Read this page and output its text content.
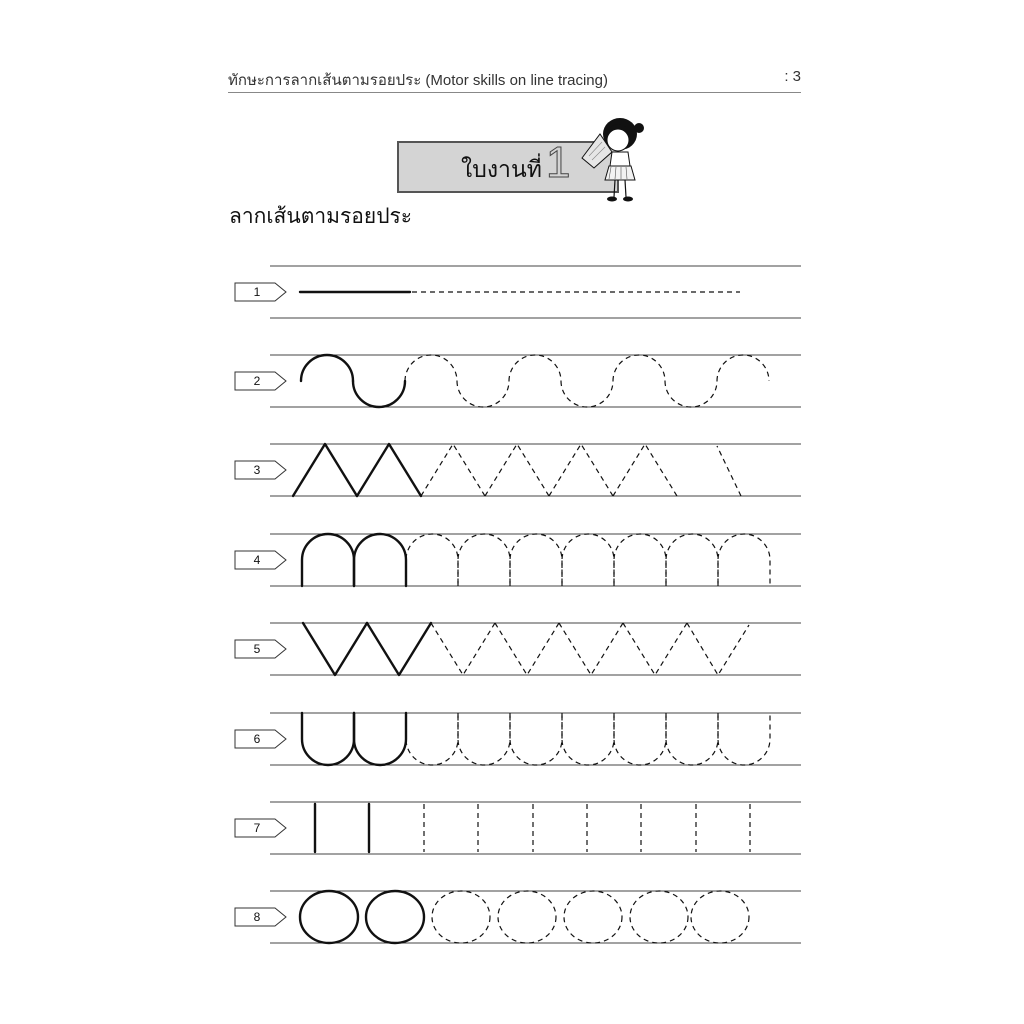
ทักษะการลากเส้นตามรอยประ (Motor skills on line tracing)	: 3
ใบงานที่ 1
ลากเส้นตามรอยประ
1
2
3
4
5
6
7
8
